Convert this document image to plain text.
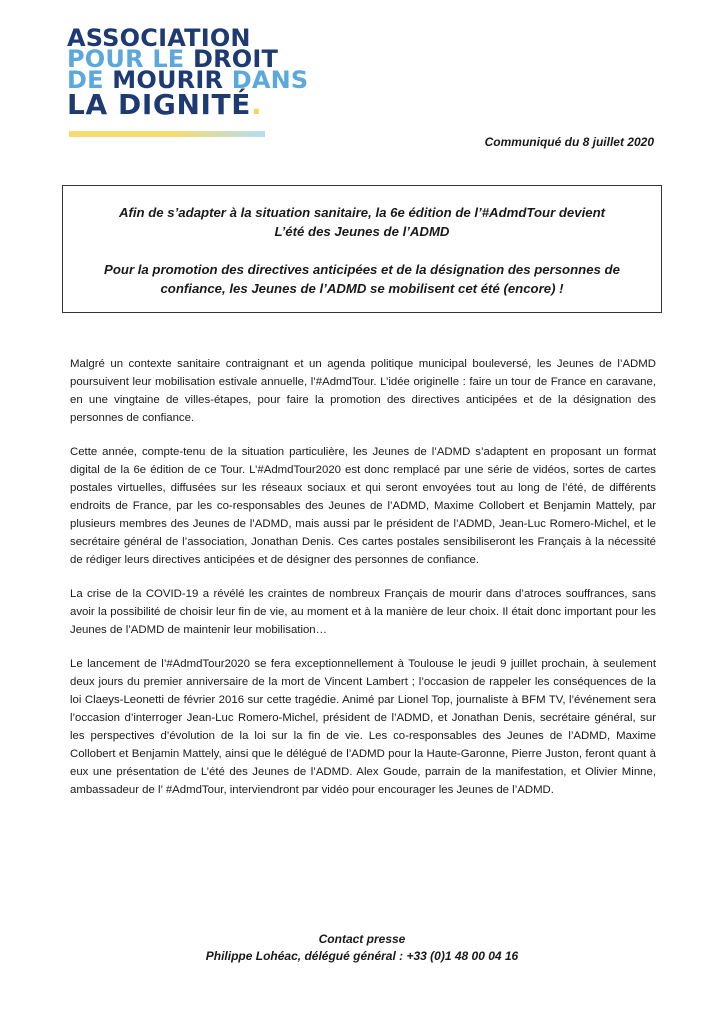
ASSOCIATION
POUR LE DROIT
DE MOURIR DANS
LA DIGNITÉ.
Communiqué du 8 juillet 2020

Afin de s’adapter à la situation sanitaire, la 6e édition de l’#AdmdTour devient
L’été des Jeunes de l’ADMD

Pour la promotion des directives anticipées et de la désignation des personnes de
confiance, les Jeunes de l’ADMD se mobilisent cet été (encore) !

Malgré un contexte sanitaire contraignant et un agenda politique municipal bouleversé, les Jeunes de l’ADMD poursuivent leur mobilisation estivale annuelle, l’#AdmdTour. L’idée originelle : faire un tour de France en caravane, en une vingtaine de villes-étapes, pour faire la promotion des directives anticipées et de la désignation des personnes de confiance.

Cette année, compte-tenu de la situation particulière, les Jeunes de l’ADMD s’adaptent en proposant un format digital de la 6e édition de ce Tour. L’#AdmdTour2020 est donc remplacé par une série de vidéos, sortes de cartes postales virtuelles, diffusées sur les réseaux sociaux et qui seront envoyées tout au long de l’été, de différents endroits de France, par les co-responsables des Jeunes de l’ADMD, Maxime Collobert et Benjamin Mattely, par plusieurs membres des Jeunes de l’ADMD, mais aussi par le président de l’ADMD, Jean-Luc Romero-Michel, et le secrétaire général de l’association, Jonathan Denis. Ces cartes postales sensibiliseront les Français à la nécessité de rédiger leurs directives anticipées et de désigner des personnes de confiance.

La crise de la COVID-19 a révélé les craintes de nombreux Français de mourir dans d’atroces souffrances, sans avoir la possibilité de choisir leur fin de vie, au moment et à la manière de leur choix. Il était donc important pour les Jeunes de l’ADMD de maintenir leur mobilisation…

Le lancement de l’#AdmdTour2020 se fera exceptionnellement à Toulouse le jeudi 9 juillet prochain, à seulement deux jours du premier anniversaire de la mort de Vincent Lambert ; l’occasion de rappeler les conséquences de la loi Claeys-Leonetti de février 2016 sur cette tragédie. Animé par Lionel Top, journaliste à BFM TV, l’événement sera l’occasion d’interroger Jean-Luc Romero-Michel, président de l’ADMD, et Jonathan Denis, secrétaire général, sur les perspectives d’évolution de la loi sur la fin de vie. Les co-responsables des Jeunes de l’ADMD, Maxime Collobert et Benjamin Mattely, ainsi que le délégué de l’ADMD pour la Haute-Garonne, Pierre Juston, feront quant à eux une présentation de L’été des Jeunes de l’ADMD. Alex Goude, parrain de la manifestation, et Olivier Minne, ambassadeur de l’ #AdmdTour, interviendront par vidéo pour encourager les Jeunes de l’ADMD.

Contact presse
Philippe Lohéac, délégué général : +33 (0)1 48 00 04 16
